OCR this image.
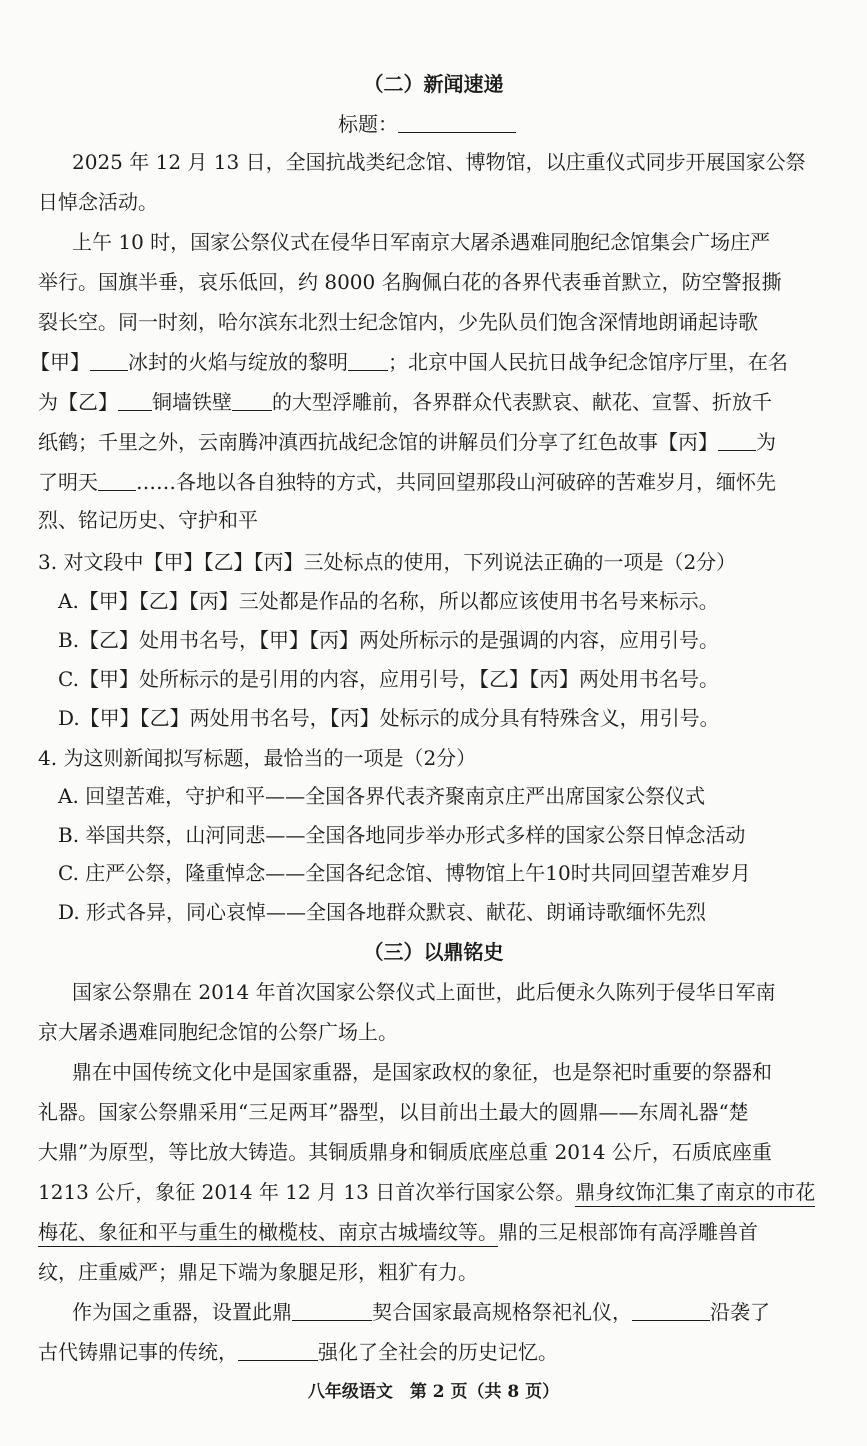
（二）新闻速递
标题：
2025 年 12 月 13 日，全国抗战类纪念馆、博物馆，以庄重仪式同步开展国家公祭
日悼念活动。
上午 10 时，国家公祭仪式在侵华日军南京大屠杀遇难同胞纪念馆集会广场庄严
举行。国旗半垂，哀乐低回，约 8000 名胸佩白花的各界代表垂首默立，防空警报撕
裂长空。同一时刻，哈尔滨东北烈士纪念馆内，少先队员们饱含深情地朗诵起诗歌
【甲】 冰封的火焰与绽放的黎明 ；北京中国人民抗日战争纪念馆序厅里，在名
为【乙】 铜墙铁壁 的大型浮雕前，各界群众代表默哀、献花、宣誓、折放千
纸鹤；千里之外，云南腾冲滇西抗战纪念馆的讲解员们分享了红色故事【丙】 为
了明天 ……各地以各自独特的方式，共同回望那段山河破碎的苦难岁月，缅怀先
烈、铭记历史、守护和平
3. 对文段中【甲】【乙】【丙】三处标点的使用，下列说法正确的一项是（2分）
A.【甲】【乙】【丙】三处都是作品的名称，所以都应该使用书名号来标示。
B.【乙】处用书名号，【甲】【丙】两处所标示的是强调的内容，应用引号。
C.【甲】处所标示的是引用的内容，应用引号，【乙】【丙】两处用书名号。
D.【甲】【乙】两处用书名号，【丙】处标示的成分具有特殊含义，用引号。
4. 为这则新闻拟写标题，最恰当的一项是（2分）
A. 回望苦难，守护和平——全国各界代表齐聚南京庄严出席国家公祭仪式
B. 举国共祭，山河同悲——全国各地同步举办形式多样的国家公祭日悼念活动
C. 庄严公祭，隆重悼念——全国各纪念馆、博物馆上午10时共同回望苦难岁月
D. 形式各异，同心哀悼——全国各地群众默哀、献花、朗诵诗歌缅怀先烈
（三）以鼎铭史
国家公祭鼎在 2014 年首次国家公祭仪式上面世，此后便永久陈列于侵华日军南
京大屠杀遇难同胞纪念馆的公祭广场上。
鼎在中国传统文化中是国家重器，是国家政权的象征，也是祭祀时重要的祭器和
礼器。国家公祭鼎采用“三足两耳”器型，以目前出土最大的圆鼎——东周礼器“楚
大鼎”为原型，等比放大铸造。其铜质鼎身和铜质底座总重 2014 公斤，石质底座重
1213 公斤，象征 2014 年 12 月 13 日首次举行国家公祭。鼎身纹饰汇集了南京的市花
梅花、象征和平与重生的橄榄枝、南京古城墙纹等。鼎的三足根部饰有高浮雕兽首
纹，庄重威严；鼎足下端为象腿足形，粗犷有力。
作为国之重器，设置此鼎	契合国家最高规格祭祀礼仪，	沿袭了
古代铸鼎记事的传统，	强化了全社会的历史记忆。
八年级语文　第 2 页（共 8 页）
